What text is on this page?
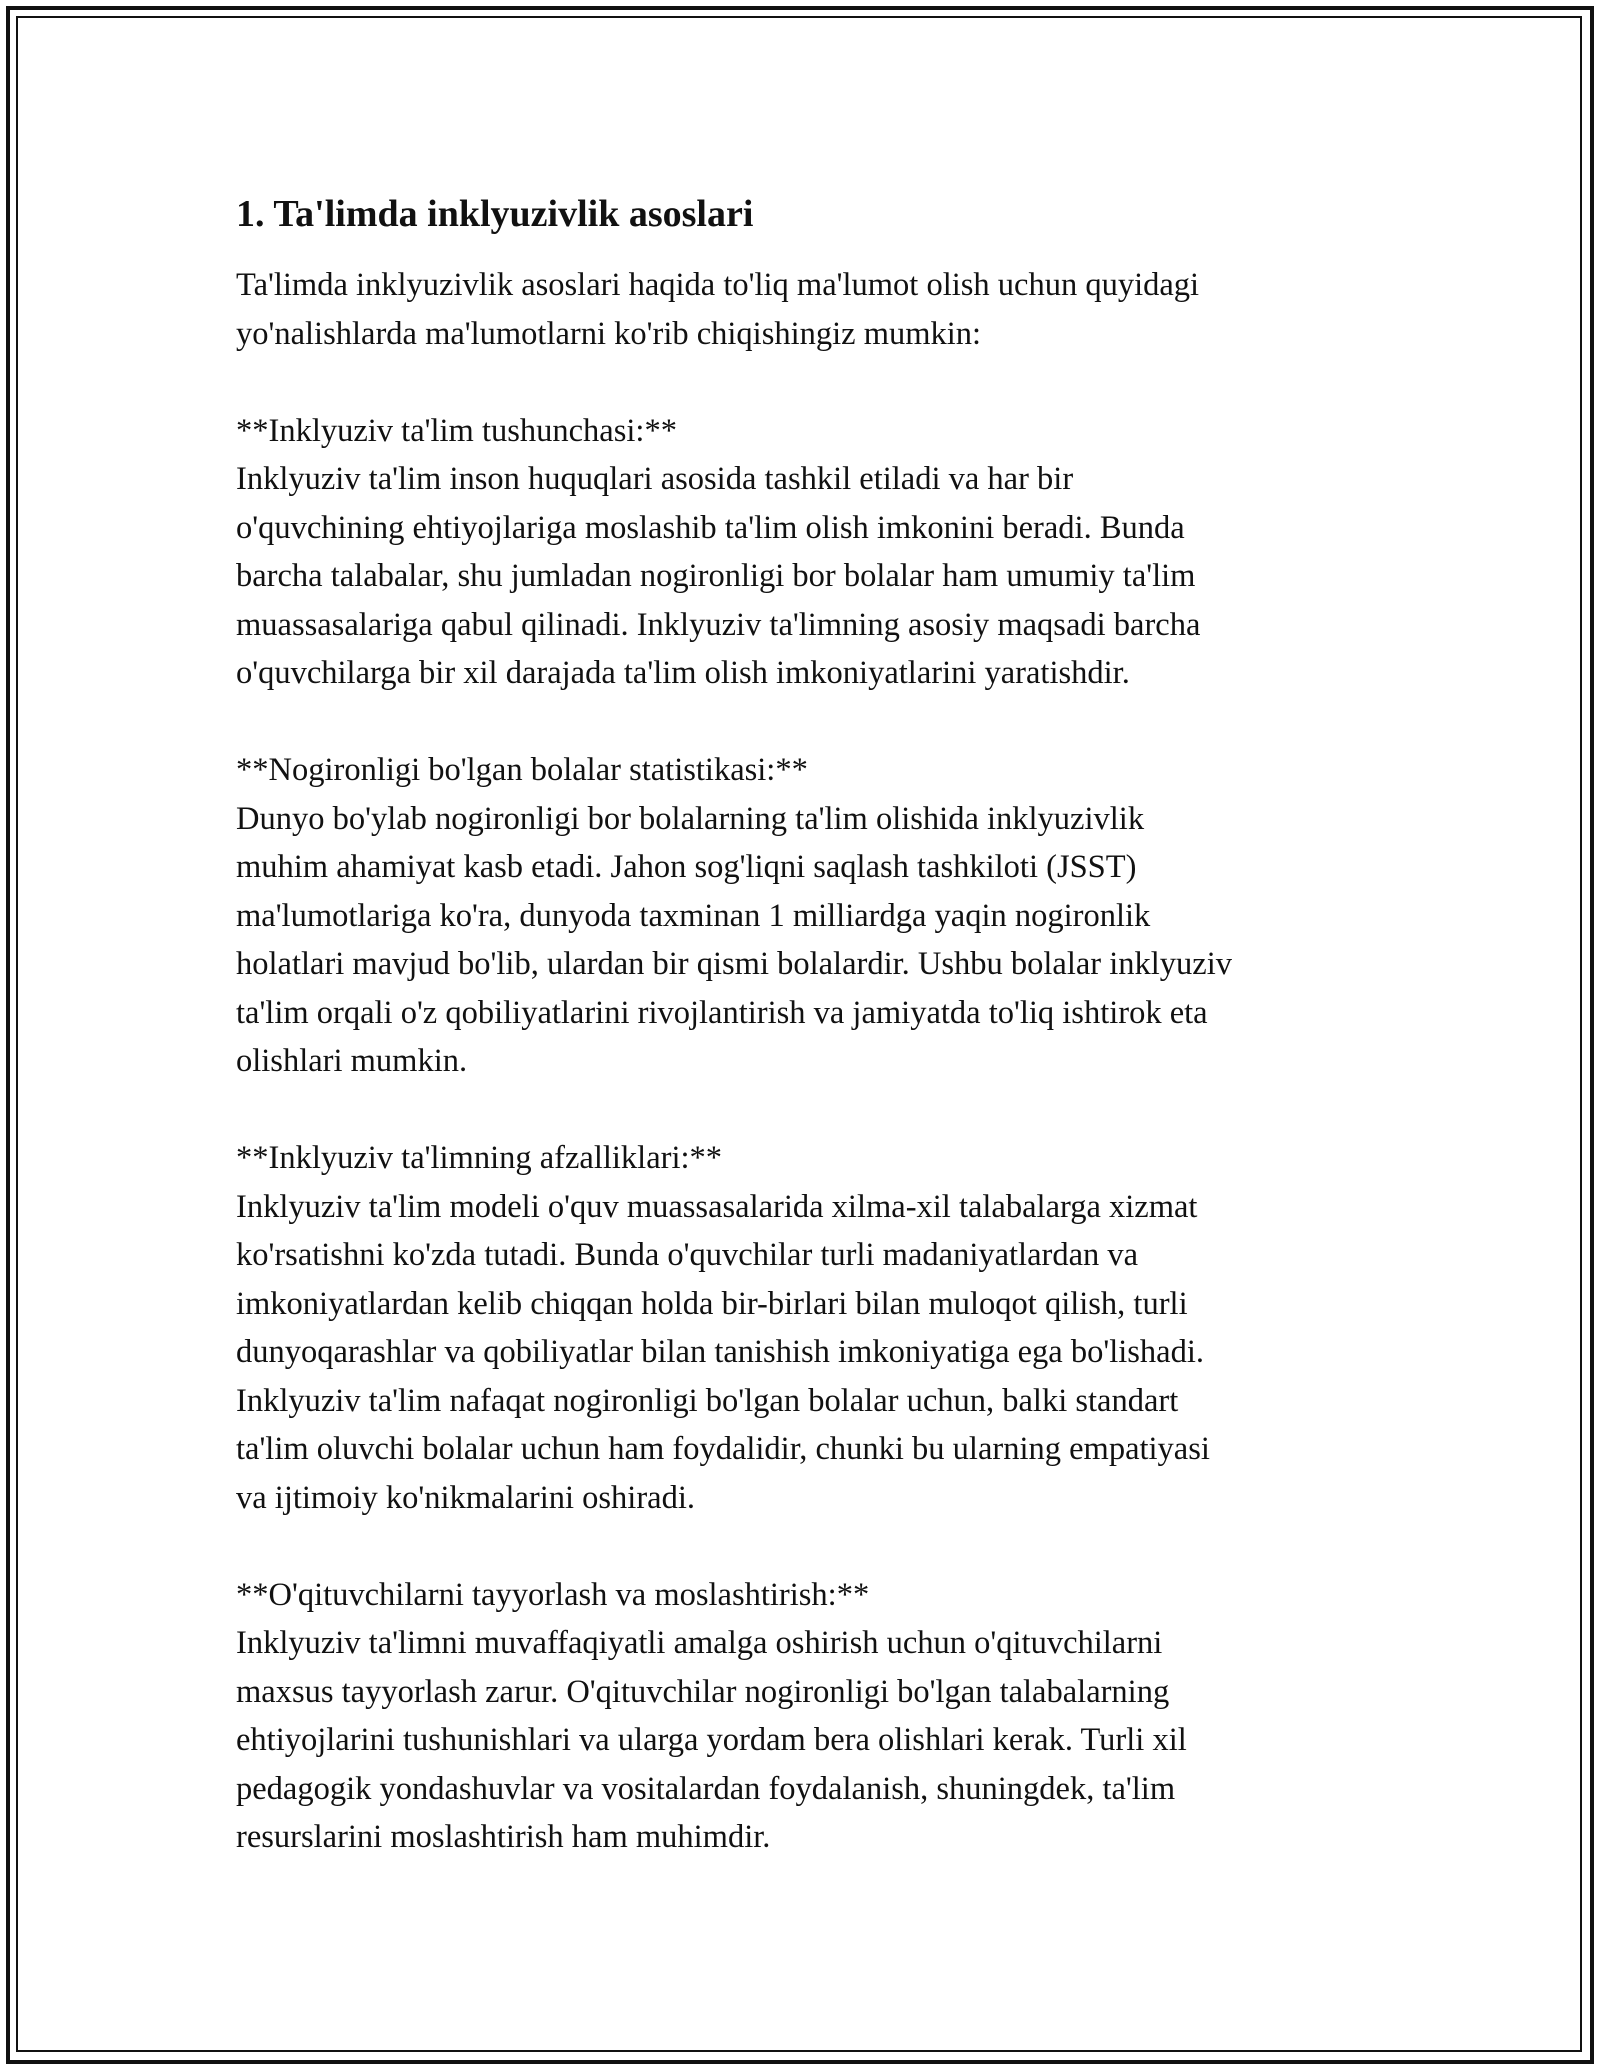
1. Ta'limda inklyuzivlik asoslari

Ta'limda inklyuzivlik asoslari haqida to'liq ma'lumot olish uchun quyidagi

yo'nalishlarda ma'lumotlarni ko'rib chiqishingiz mumkin:

**Inklyuziv ta'lim tushunchasi:**

Inklyuziv ta'lim inson huquqlari asosida tashkil etiladi va har bir

o'quvchining ehtiyojlariga moslashib ta'lim olish imkonini beradi. Bunda

barcha talabalar, shu jumladan nogironligi bor bolalar ham umumiy ta'lim

muassasalariga qabul qilinadi. Inklyuziv ta'limning asosiy maqsadi barcha

o'quvchilarga bir xil darajada ta'lim olish imkoniyatlarini yaratishdir.

**Nogironligi bo'lgan bolalar statistikasi:**

Dunyo bo'ylab nogironligi bor bolalarning ta'lim olishida inklyuzivlik

muhim ahamiyat kasb etadi. Jahon sog'liqni saqlash tashkiloti (JSST)

ma'lumotlariga ko'ra, dunyoda taxminan 1 milliardga yaqin nogironlik

holatlari mavjud bo'lib, ulardan bir qismi bolalardir. Ushbu bolalar inklyuziv

ta'lim orqali o'z qobiliyatlarini rivojlantirish va jamiyatda to'liq ishtirok eta

olishlari mumkin.

**Inklyuziv ta'limning afzalliklari:**

Inklyuziv ta'lim modeli o'quv muassasalarida xilma-xil talabalarga xizmat

ko'rsatishni ko'zda tutadi. Bunda o'quvchilar turli madaniyatlardan va

imkoniyatlardan kelib chiqqan holda bir-birlari bilan muloqot qilish, turli

dunyoqarashlar va qobiliyatlar bilan tanishish imkoniyatiga ega bo'lishadi.

Inklyuziv ta'lim nafaqat nogironligi bo'lgan bolalar uchun, balki standart

ta'lim oluvchi bolalar uchun ham foydalidir, chunki bu ularning empatiyasi

va ijtimoiy ko'nikmalarini oshiradi.

**O'qituvchilarni tayyorlash va moslashtirish:**

Inklyuziv ta'limni muvaffaqiyatli amalga oshirish uchun o'qituvchilarni

maxsus tayyorlash zarur. O'qituvchilar nogironligi bo'lgan talabalarning

ehtiyojlarini tushunishlari va ularga yordam bera olishlari kerak. Turli xil

pedagogik yondashuvlar va vositalardan foydalanish, shuningdek, ta'lim

resurslarini moslashtirish ham muhimdir.
